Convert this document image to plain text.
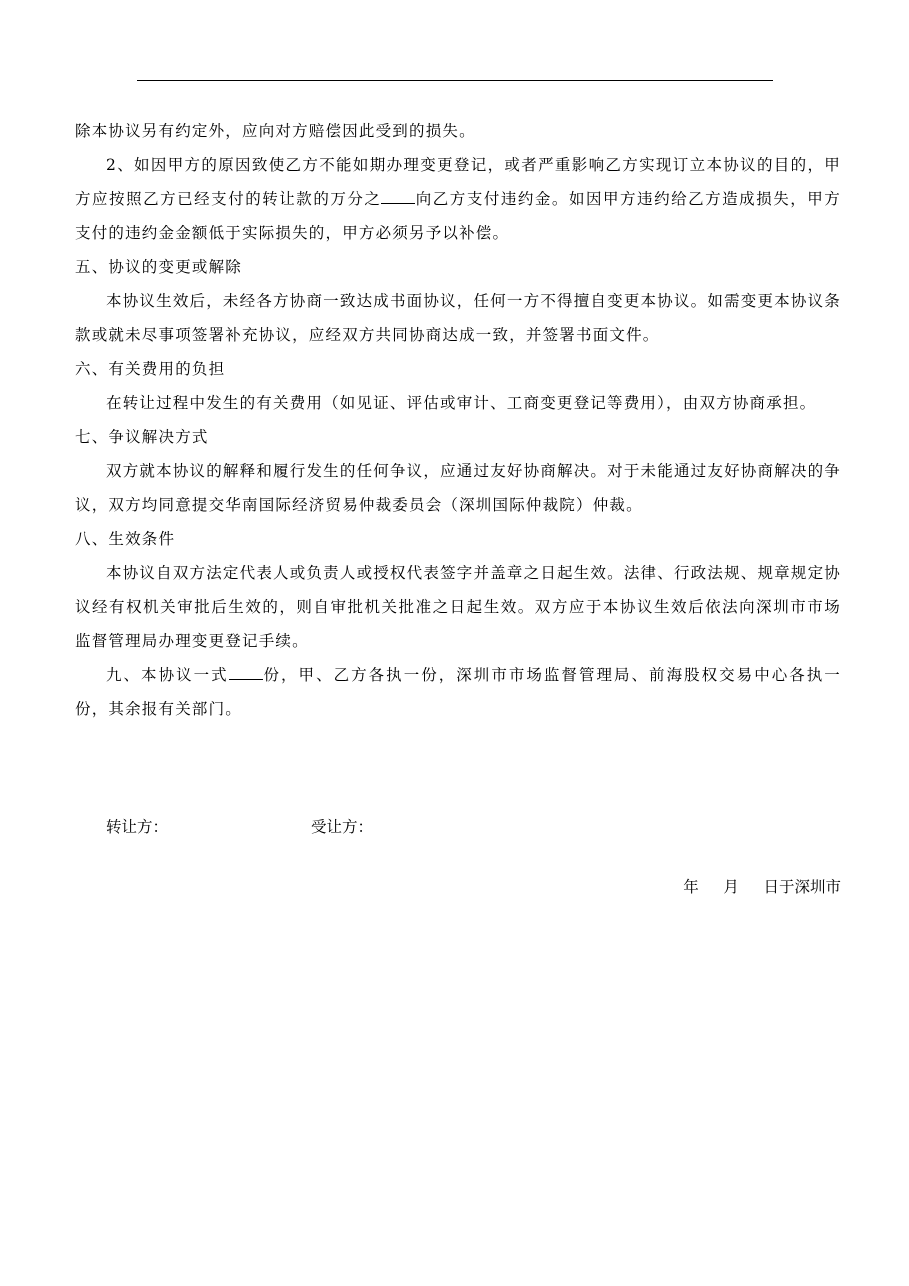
除本协议另有约定外，应向对方赔偿因此受到的损失。

2、如因甲方的原因致使乙方不能如期办理变更登记，或者严重影响乙方实现订立本协议的目的，甲方应按照乙方已经支付的转让款的万分之 向乙方支付违约金。如因甲方违约给乙方造成损失，甲方支付的违约金金额低于实际损失的，甲方必须另予以补偿。

五、协议的变更或解除

本协议生效后，未经各方协商一致达成书面协议，任何一方不得擅自变更本协议。如需变更本协议条款或就未尽事项签署补充协议，应经双方共同协商达成一致，并签署书面文件。

六、有关费用的负担

在转让过程中发生的有关费用（如见证、评估或审计、工商变更登记等费用），由双方协商承担。

七、争议解决方式

双方就本协议的解释和履行发生的任何争议，应通过友好协商解决。对于未能通过友好协商解决的争议，双方均同意提交华南国际经济贸易仲裁委员会（深圳国际仲裁院）仲裁。

八、生效条件

本协议自双方法定代表人或负责人或授权代表签字并盖章之日起生效。法律、行政法规、规章规定协议经有权机关审批后生效的，则自审批机关批准之日起生效。双方应于本协议生效后依法向深圳市市场监督管理局办理变更登记手续。

九、本协议一式 份，甲、乙方各执一份，深圳市市场监督管理局、前海股权交易中心各执一份，其余报有关部门。

转让方：	受让方：
年     月     日于深圳市
